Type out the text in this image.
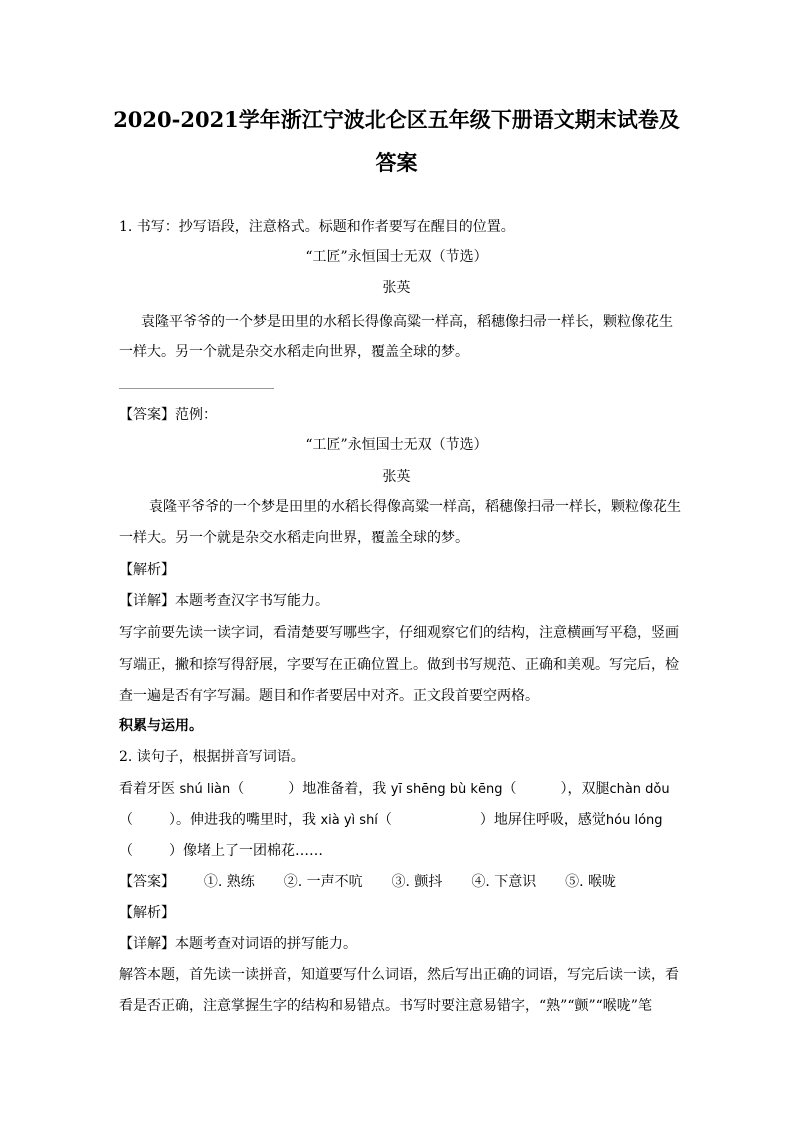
2020-2021学年浙江宁波北仑区五年级下册语文期末试卷及
答案
1. 书写：抄写语段，注意格式。标题和作者要写在醒目的位置。
“工匠”永恒国士无双（节选）
张英
袁隆平爷爷的一个梦是田里的水稻长得像高粱一样高，稻穗像扫帚一样长，颗粒像花生
一样大。另一个就是杂交水稻走向世界，覆盖全球的梦。
【答案】范例：
“工匠”永恒国士无双（节选）
张英
袁隆平爷爷的一个梦是田里的水稻长得像高粱一样高，稻穗像扫帚一样长，颗粒像花生
一样大。另一个就是杂交水稻走向世界，覆盖全球的梦。
【解析】
【详解】本题考查汉字书写能力。
写字前要先读一读字词，看清楚要写哪些字，仔细观察它们的结构，注意横画写平稳，竖画
写端正，撇和捺写得舒展，字要写在正确位置上。做到书写规范、正确和美观。写完后，检
查一遍是否有字写漏。题目和作者要居中对齐。正文段首要空两格。
积累与运用。
2. 读句子，根据拼音写词语。
看着牙医 shú liàn（	）地准备着，我 yī shēng bù kēng（	），双腿chàn dǒu
（	）。伸进我的嘴里时，我 xià yì shí（	）地屏住呼吸，感觉hóu lóng
（	）像堵上了一团棉花……
【答案】 ①. 熟练 ②. 一声不吭 ③. 颤抖 ④. 下意识 ⑤. 喉咙
【解析】
【详解】本题考查对词语的拼写能力。
解答本题，首先读一读拼音，知道要写什么词语，然后写出正确的词语，写完后读一读，看
看是否正确，注意掌握生字的结构和易错点。书写时要注意易错字，“熟”“颤”“喉咙”笔
